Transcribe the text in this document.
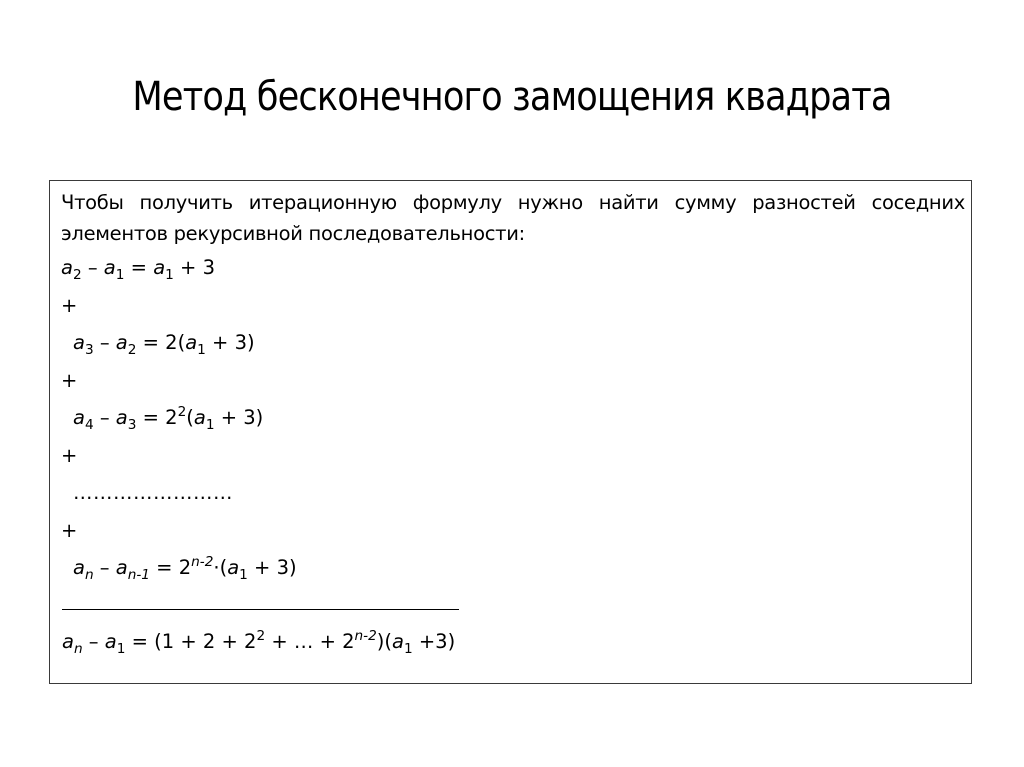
Метод бесконечного замощения квадрата
Чтобы получить итерационную формулу нужно найти сумму разностей соседних элементов рекурсивной последовательности:
$a_2 - a_1 = a_1 + 3$
+
$a_3 - a_2 = 2(a_1 + 3)$
+
$a_4 - a_3 = 2^2(a_1 + 3)$
+
……………………
+
$a_n - a_{n-1} = 2^{n-2}\cdot(a_1 + 3)$
$a_n - a_1 = (1 + 2 + 2^2$ + … + $2^{n-2})(a_1 +3)$
